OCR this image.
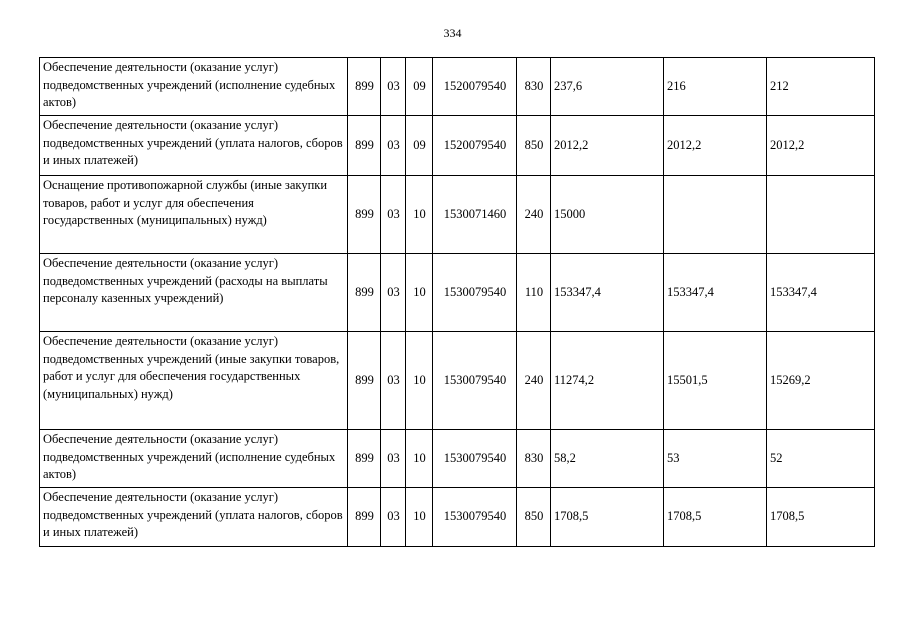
334
Обеспечение деятельности (оказание услуг) подведомственных учреждений (исполнение судебных актов)	899	03	09	1520079540	830	237,6	216	212
Обеспечение деятельности (оказание услуг) подведомственных учреждений (уплата налогов, сборов и иных платежей)	899	03	09	1520079540	850	2012,2	2012,2	2012,2
Оснащение противопожарной службы (иные закупки товаров, работ и услуг для обеспечения государственных (муниципальных) нужд)	899	03	10	1530071460	240	15000		
Обеспечение деятельности (оказание услуг) подведомственных учреждений (расходы на выплаты персоналу казенных учреждений)	899	03	10	1530079540	110	153347,4	153347,4	153347,4
Обеспечение деятельности (оказание услуг) подведомственных учреждений (иные закупки товаров, работ и услуг для обеспечения государственных (муниципальных) нужд)	899	03	10	1530079540	240	11274,2	15501,5	15269,2
Обеспечение деятельности (оказание услуг) подведомственных учреждений (исполнение судебных актов)	899	03	10	1530079540	830	58,2	53	52
Обеспечение деятельности (оказание услуг) подведомственных учреждений (уплата налогов, сборов и иных платежей)	899	03	10	1530079540	850	1708,5	1708,5	1708,5
